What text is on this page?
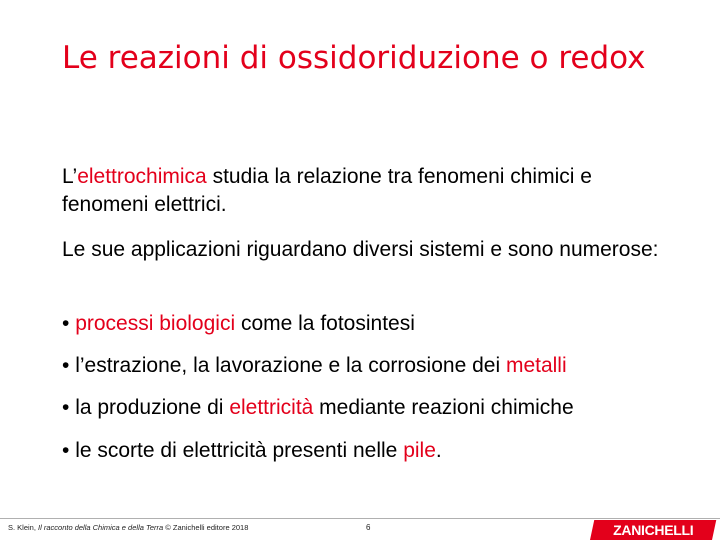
Le reazioni di ossidoriduzione o redox

L’elettrochimica studia la relazione tra fenomeni chimici e fenomeni elettrici.

Le sue applicazioni riguardano diversi sistemi e sono numerose:

• processi biologici come la fotosintesi

• l’estrazione, la lavorazione e la corrosione dei metalli

• la produzione di elettricità mediante reazioni chimiche

• le scorte di elettricità presenti nelle pile.

S. Klein, Il racconto della Chimica e della Terra © Zanichelli editore 2018	6	ZANICHELLI
